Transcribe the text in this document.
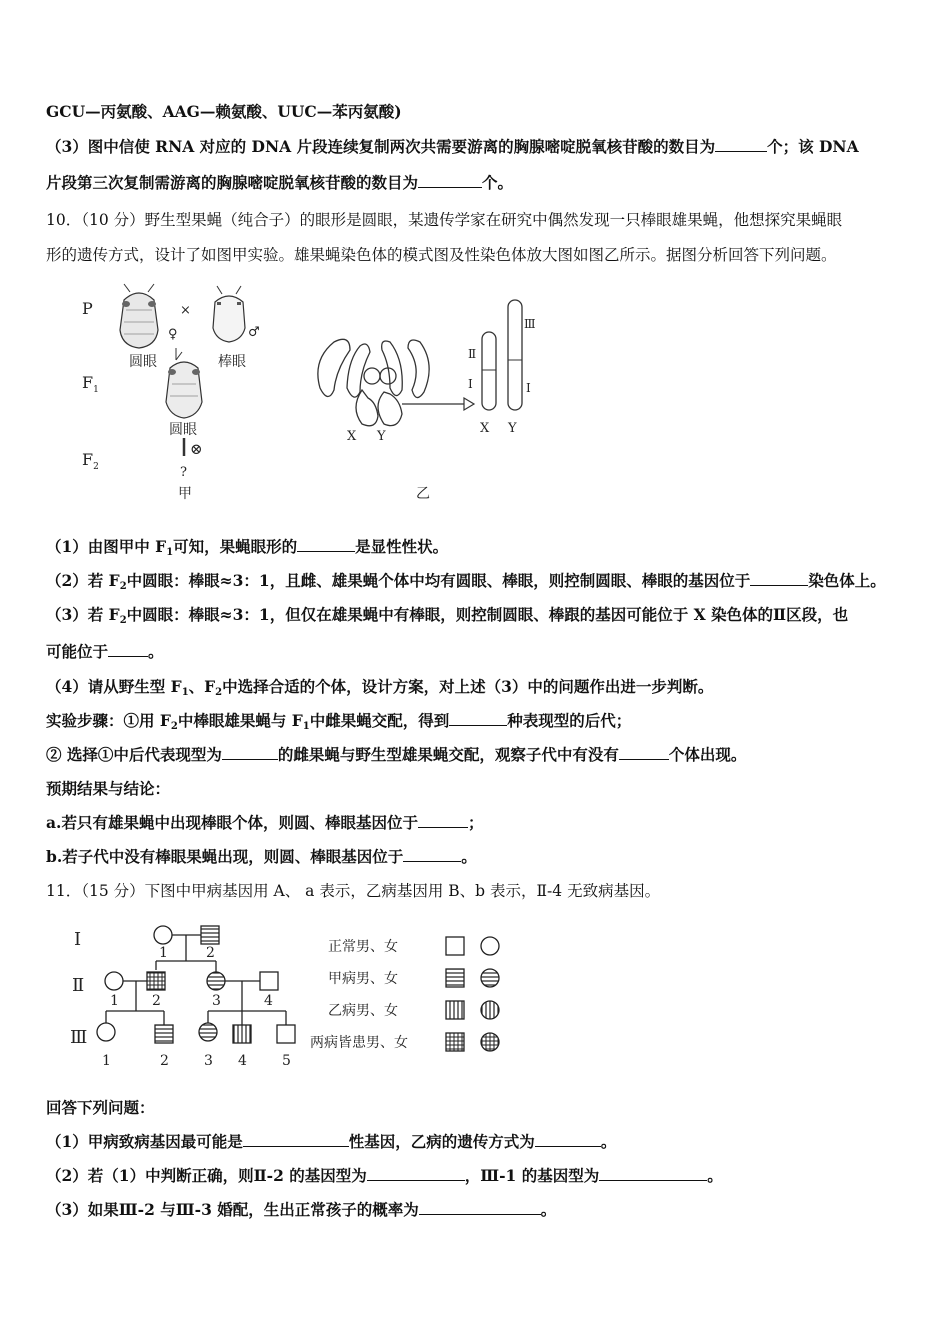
GCU—丙氨酸、AAG—赖氨酸、UUC—苯丙氨酸)
（3）图中信使 RNA 对应的 DNA 片段连续复制两次共需要游离的胸腺嘧啶脱氧核苷酸的数目为	个；该 DNA
片段第三次复制需游离的胸腺嘧啶脱氧核苷酸的数目为	个。
10．（10 分）野生型果蝇（纯合子）的眼形是圆眼，某遗传学家在研究中偶然发现一只棒眼雄果蝇，他想探究果蝇眼
形的遗传方式，设计了如图甲实验。雄果蝇染色体的模式图及性染色体放大图如图乙所示。据图分析回答下列问题。
P
$F_1$
$F_2$
×
♀
圆眼
♂
棒眼
圆眼
⊗
?
甲
X Y
Ⅱ
Ⅰ
Ⅲ
Ⅰ
X Y
乙
（1）由图甲中 $F_1$可知，果蝇眼形的	是显性性状。
（2）若 $F_2$中圆眼：棒眼≈3：1，且雌、雄果蝇个体中均有圆眼、棒眼，则控制圆眼、棒眼的基因位于	染色体上。
（3）若 $F_2$中圆眼：棒眼≈3：1，但仅在雄果蝇中有棒眼，则控制圆眼、棒跟的基因可能位于 X 染色体的Ⅱ区段，也
可能位于	。
（4）请从野生型 $F_1$、$F_2$中选择合适的个体，设计方案，对上述（3）中的问题作出进一步判断。
实验步骤：①用 $F_2$中棒眼雄果蝇与 $F_1$中雌果蝇交配，得到	种表现型的后代；
② 选择①中后代表现型为	的雌果蝇与野生型雄果蝇交配，观察子代中有没有	个体出现。
预期结果与结论：
a.若只有雄果蝇中出现棒眼个体，则圆、棒眼基因位于	；
b.若子代中没有棒眼果蝇出现，则圆、棒眼基因位于	。
11．（15 分）下图中甲病基因用 A、 a 表示，乙病基因用 B、b 表示，Ⅱ-4 无致病基因。
Ⅰ
Ⅱ
Ⅲ
1	2
1 2	3	4
1	2	3 4	5
正常男、女
甲病男、女
乙病男、女
两病皆患男、女
回答下列问题：
（1）甲病致病基因最可能是	性基因，乙病的遗传方式为	。
（2）若（1）中判断正确，则Ⅱ-2 的基因型为	，Ⅲ-1 的基因型为	。
（3）如果Ⅲ-2 与Ⅲ-3 婚配，生出正常孩子的概率为	。
